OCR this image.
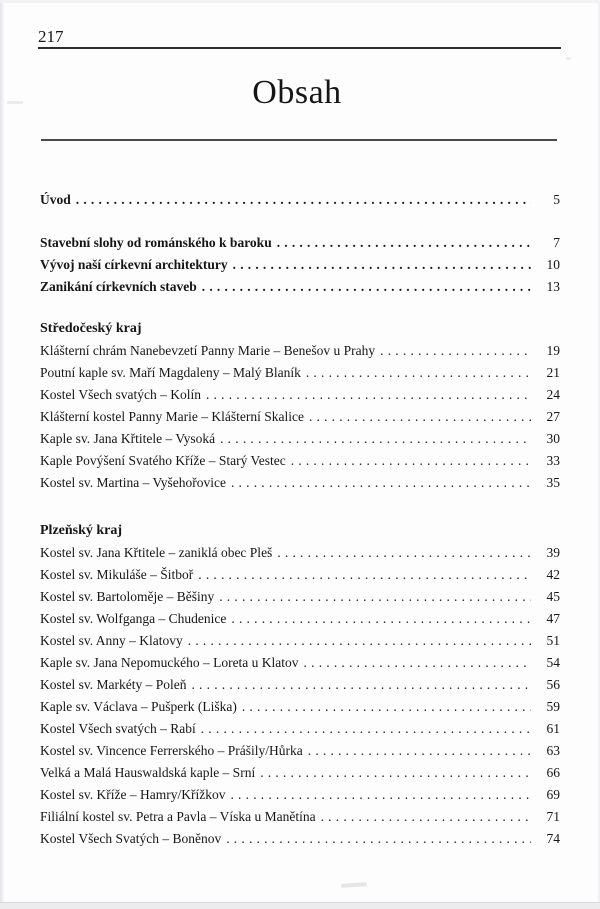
217
Obsah
Úvod .....	5
Stavební slohy od románského k baroku .....	7
Vývoj naší církevní architektury .....	10
Zanikání církevních staveb .....	13
Středočeský kraj
Klášterní chrám Nanebevzetí Panny Marie – Benešov u Prahy .....	19
Poutní kaple sv. Maří Magdaleny – Malý Blaník .....	21
Kostel Všech svatých – Kolín .....	24
Klášterní kostel Panny Marie – Klášterní Skalice .....	27
Kaple sv. Jana Křtitele – Vysoká .....	30
Kaple Povýšení Svatého Kříže – Starý Vestec .....	33
Kostel sv. Martina – Vyšehořovice .....	35
Plzeňský kraj
Kostel sv. Jana Křtitele – zaniklá obec Pleš .....	39
Kostel sv. Mikuláše – Šitboř .....	42
Kostel sv. Bartoloměje – Běšiny .....	45
Kostel sv. Wolfganga – Chudenice .....	47
Kostel sv. Anny – Klatovy .....	51
Kaple sv. Jana Nepomuckého – Loreta u Klatov .....	54
Kostel sv. Markéty – Poleň .....	56
Kaple sv. Václava – Pušperk (Liška) .....	59
Kostel Všech svatých – Rabí .....	61
Kostel sv. Vincence Ferrerského – Prášily/Hůrka .....	63
Velká a Malá Hauswaldská kaple – Srní .....	66
Kostel sv. Kříže – Hamry/Křížkov .....	69
Filiální kostel sv. Petra a Pavla – Víska u Manětína .....	71
Kostel Všech Svatých – Boněnov .....	74
